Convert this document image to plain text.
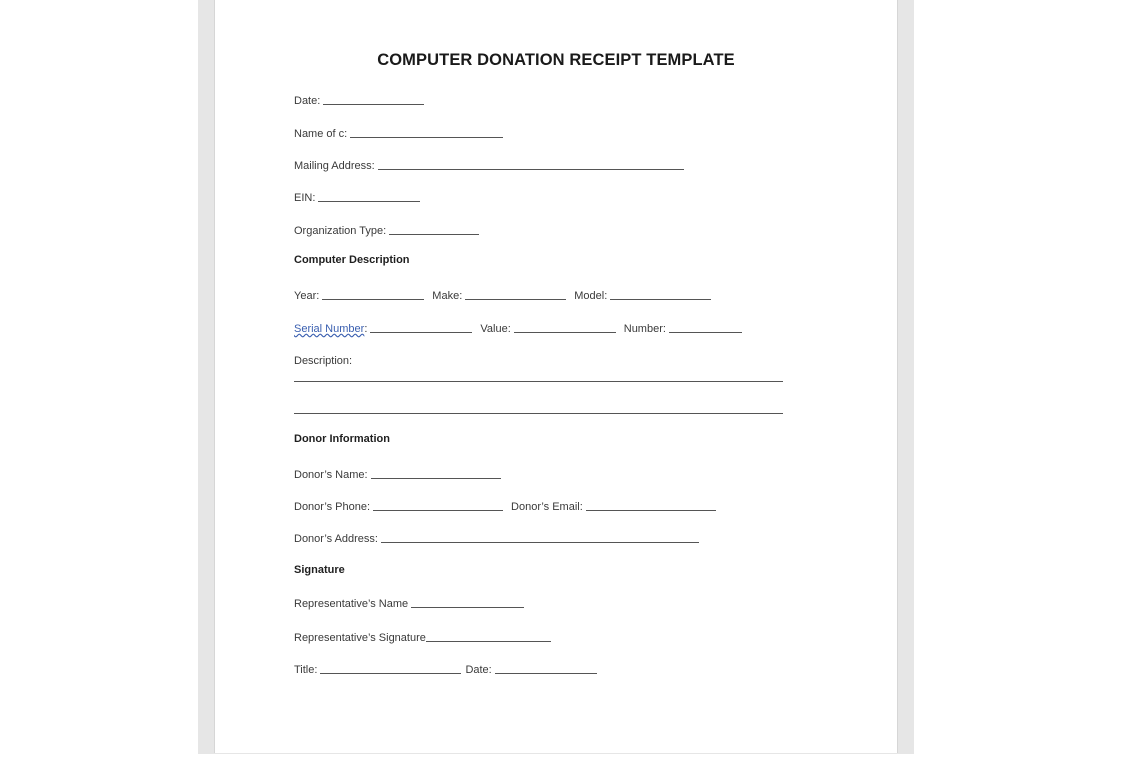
COMPUTER DONATION RECEIPT TEMPLATE
Date:
Name of c:
Mailing Address:
EIN:
Organization Type:
Computer Description
Year:	Make:	Model:
Serial Number :	Value:	Number:
Description:
Donor Information
Donor’s Name:
Donor’s Phone:	Donor’s Email:
Donor’s Address:
Signature
Representative’s Name
Representative’s Signature
Title:	Date:
